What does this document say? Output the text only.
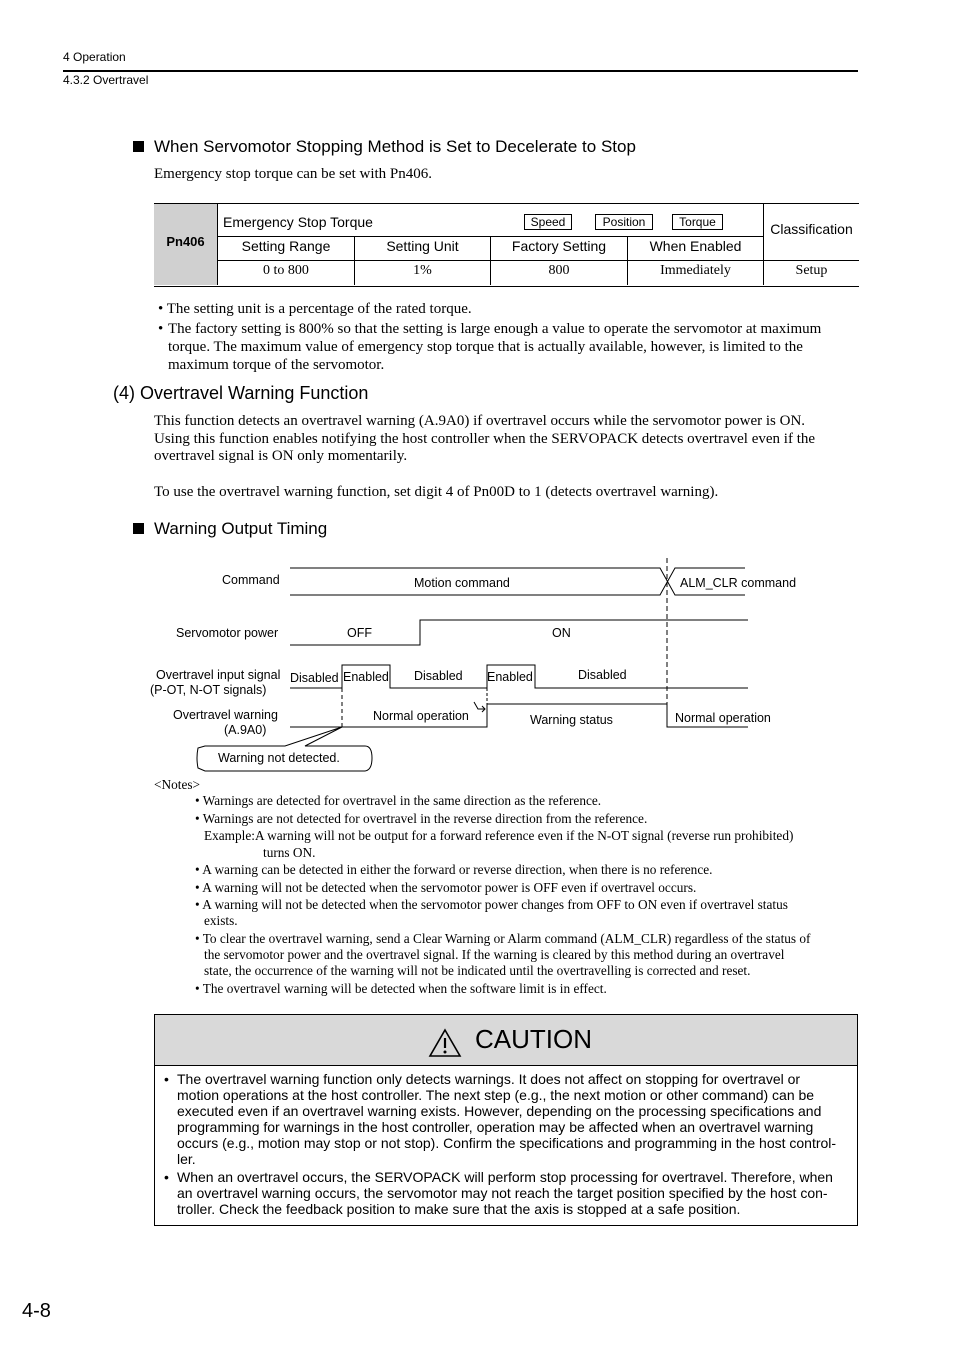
4 Operation
4.3.2 Overtravel
When Servomotor Stopping Method is Set to Decelerate to Stop
Emergency stop torque can be set with Pn406.
Pn406
Emergency Stop Torque	Speed	Position	Torque	Classification
Setting Range	Setting Unit	Factory Setting	When Enabled
0 to 800	1%	800	Immediately	Setup
• The setting unit is a percentage of the rated torque.
• The factory setting is 800% so that the setting is large enough a value to operate the servomotor at maximum
torque. The maximum value of emergency stop torque that is actually available, however, is limited to the
maximum torque of the servomotor.
(4) Overtravel Warning Function
This function detects an overtravel warning (A.9A0) if overtravel occurs while the servomotor power is ON.
Using this function enables notifying the host controller when the SERVOPACK detects overtravel even if the
overtravel signal is ON only momentarily.
To use the overtravel warning function, set digit 4 of Pn00D to 1 (detects overtravel warning).
Warning Output Timing
Command	Motion command	ALM_CLR command
Servomotor power	OFF	ON
Overtravel input signal
(P-OT, N-OT signals)
Disabled Enabled Disabled Enabled	Disabled
Overtravel warning
(A.9A0)
Normal operation	Warning status	Normal operation
Warning not detected.
<Notes>
• Warnings are detected for overtravel in the same direction as the reference.
• Warnings are not detected for overtravel in the reverse direction from the reference.
Example:A warning will not be output for a forward reference even if the N-OT signal (reverse run prohibited)
turns ON.
• A warning can be detected in either the forward or reverse direction, when there is no reference.
• A warning will not be detected when the servomotor power is OFF even if overtravel occurs.
• A warning will not be detected when the servomotor power changes from OFF to ON even if overtravel status
exists.
• To clear the overtravel warning, send a Clear Warning or Alarm command (ALM_CLR) regardless of the status of
the servomotor power and the overtravel signal. If the warning is cleared by this method during an overtravel
state, the occurrence of the warning will not be indicated until the overtravelling is corrected and reset.
• The overtravel warning will be detected when the software limit is in effect.
CAUTION
• The overtravel warning function only detects warnings. It does not affect on stopping for overtravel or
motion operations at the host controller. The next step (e.g., the next motion or other command) can be
executed even if an overtravel warning exists. However, depending on the processing specifications and
programming for warnings in the host controller, operation may be affected when an overtravel warning
occurs (e.g., motion may stop or not stop). Confirm the specifications and programming in the host control-
ler.
• When an overtravel occurs, the SERVOPACK will perform stop processing for overtravel. Therefore, when
an overtravel warning occurs, the servomotor may not reach the target position specified by the host con-
troller. Check the feedback position to make sure that the axis is stopped at a safe position.
4-8
